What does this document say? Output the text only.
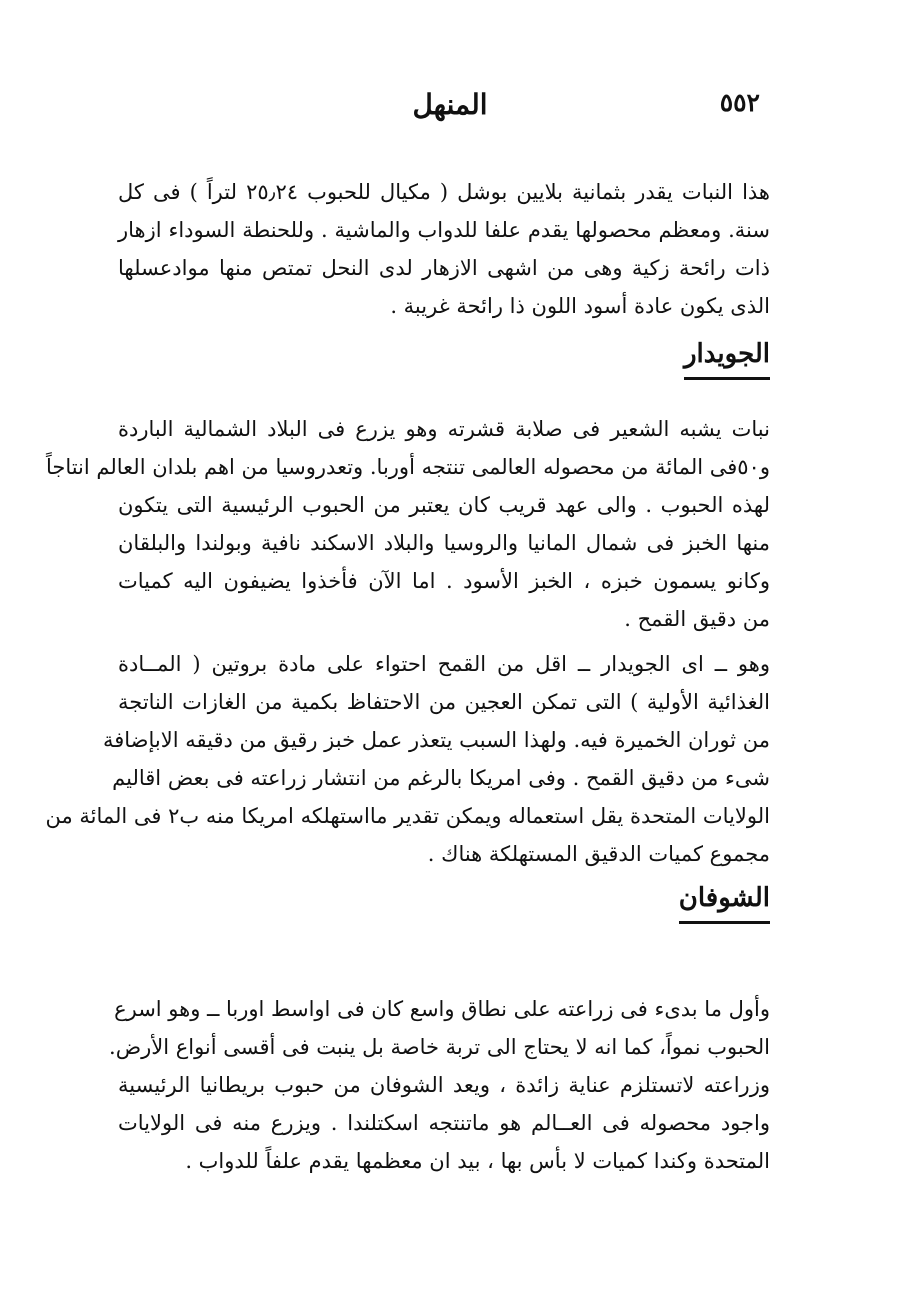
٥٥٢
المنهل
هذا النبات يقدر بثمانية بلايين بوشل ( مكيال للحبوب ٢٥٫٢٤ لتراً ) فى كل
سنة. ومعظم محصولها يقدم علفا للدواب والماشية . وللحنطة السوداء ازهار
ذات رائحة زكية وهى من اشهى الازهار لدى النحل تمتص منها موادعسلها
الذى يكون عادة أسود اللون ذا رائحة غريبة .
الجويدار
نبات يشبه الشعير فى صلابة قشرته وهو يزرع فى البلاد الشمالية الباردة
و٥٠فى المائة من محصوله العالمى تنتجه أوربا. وتعدروسيا من اهم بلدان العالم انتاجاً
لهذه الحبوب . والى عهد قريب كان يعتبر من الحبوب الرئيسية التى يتكون
منها الخبز فى شمال المانيا والروسيا والبلاد الاسكند نافية وبولندا والبلقان
وكانو يسمون خبزه ، الخبز الأسود . اما الآن فأخذوا يضيفون اليه كميات
من دقيق القمح .
وهو ــ اى الجويدار ــ اقل من القمح احتواء على مادة بروتين ( المــادة
الغذائية الأولية ) التى تمكن العجين من الاحتفاظ بكمية من الغازات الناتجة
من ثوران الخميرة فيه. ولهذا السبب يتعذر عمل خبز رقيق من دقيقه الابإضافة
شىء من دقيق القمح . وفى امريكا بالرغم من انتشار زراعته فى بعض اقاليم
الولايات المتحدة يقل استعماله ويمكن تقدير مااستهلكه امريكا منه ب٢ فى المائة من
مجموع كميات الدقيق المستهلكة هناك .
الشوفان
وأول ما بدىء فى زراعته على نطاق واسع كان فى اواسط اوربا ــ وهو اسرع
الحبوب نمواً، كما انه لا يحتاج الى تربة خاصة بل ينبت فى أقسى أنواع الأرض.
وزراعته لاتستلزم عناية زائدة ، ويعد الشوفان من حبوب بريطانيا الرئيسية
واجود محصوله فى العــالم هو ماتنتجه اسكتلندا . ويزرع منه فى الولايات
المتحدة وكندا كميات لا بأس بها ، بيد ان معظمها يقدم علفاً للدواب .
